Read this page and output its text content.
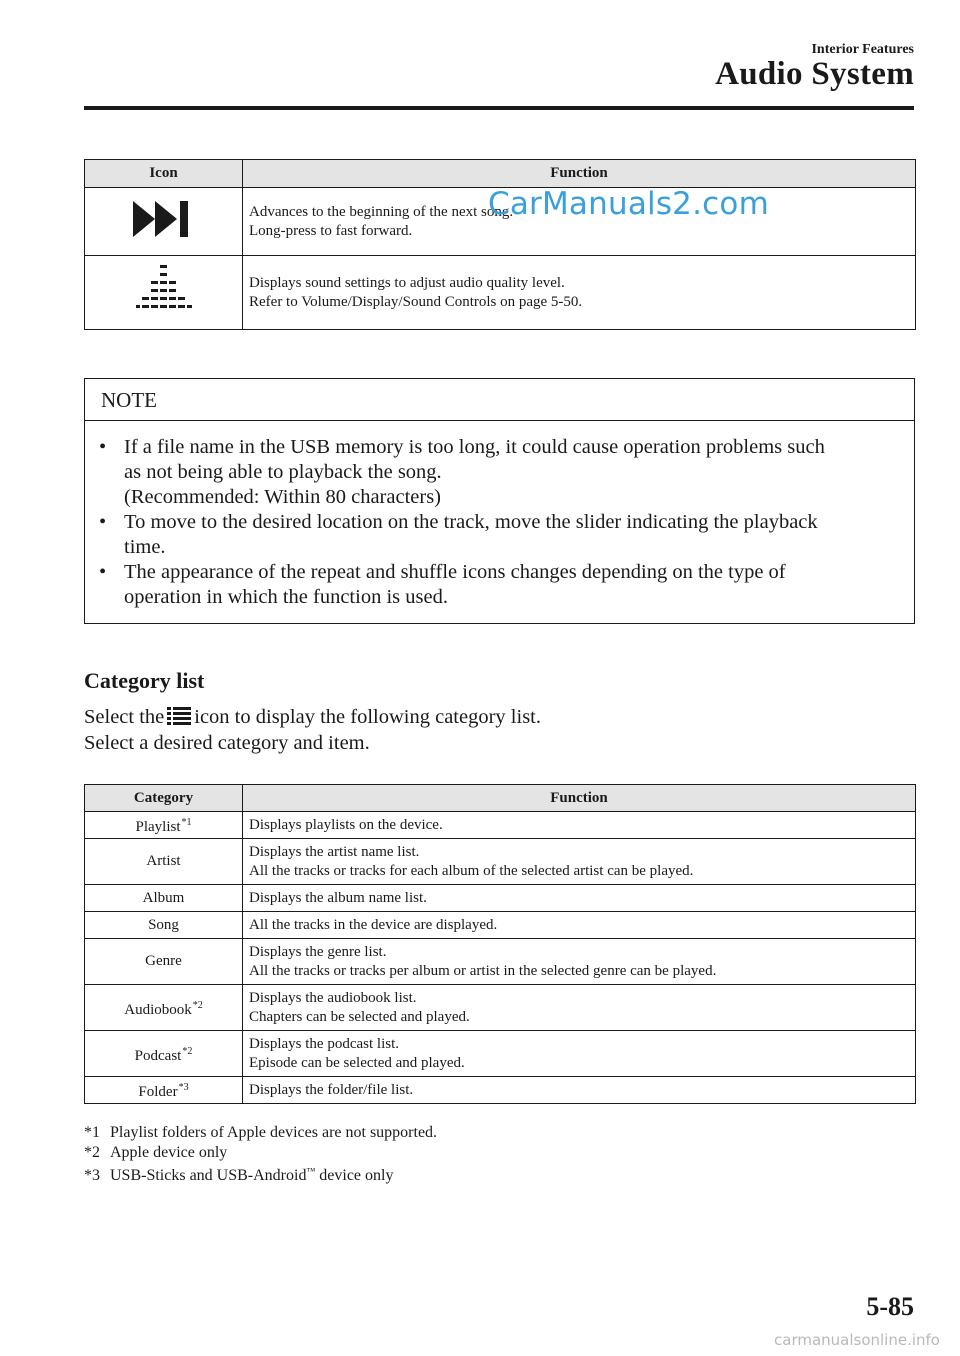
Interior Features
Audio System
Icon	Function

Advances to the beginning of the next song.
Long-press to fast forward.

Displays sound settings to adjust audio quality level.
Refer to Volume/Display/Sound Controls on page 5-50.
CarManuals2.com
NOTE
• If a file name in the USB memory is too long, it could cause operation problems such
as not being able to playback the song.
(Recommended: Within 80 characters)
• To move to the desired location on the track, move the slider indicating the playback
time.
• The appearance of the repeat and shuffle icons changes depending on the type of
operation in which the function is used.
Category list
Select the icon to display the following category list.
Select a desired category and item.
Category	Function
Playlist$^{*1}$	Displays playlists on the device.

Artist	Displays the artist name list.
All the tracks or tracks for each album of the selected artist can be played.

Album	Displays the album name list.

Song	All the tracks in the device are displayed.

Genre	Displays the genre list.
All the tracks or tracks per album or artist in the selected genre can be played.

Audiobook$^{*2}$	Displays the audiobook list.
Chapters can be selected and played.

Podcast$^{*2}$	Displays the podcast list.
Episode can be selected and played.

Folder$^{*3}$	Displays the folder/file list.
*1 Playlist folders of Apple devices are not supported.
*2 Apple device only
*3 USB-Sticks and USB-Android™ device only
5-85
carmanualsonline.info
